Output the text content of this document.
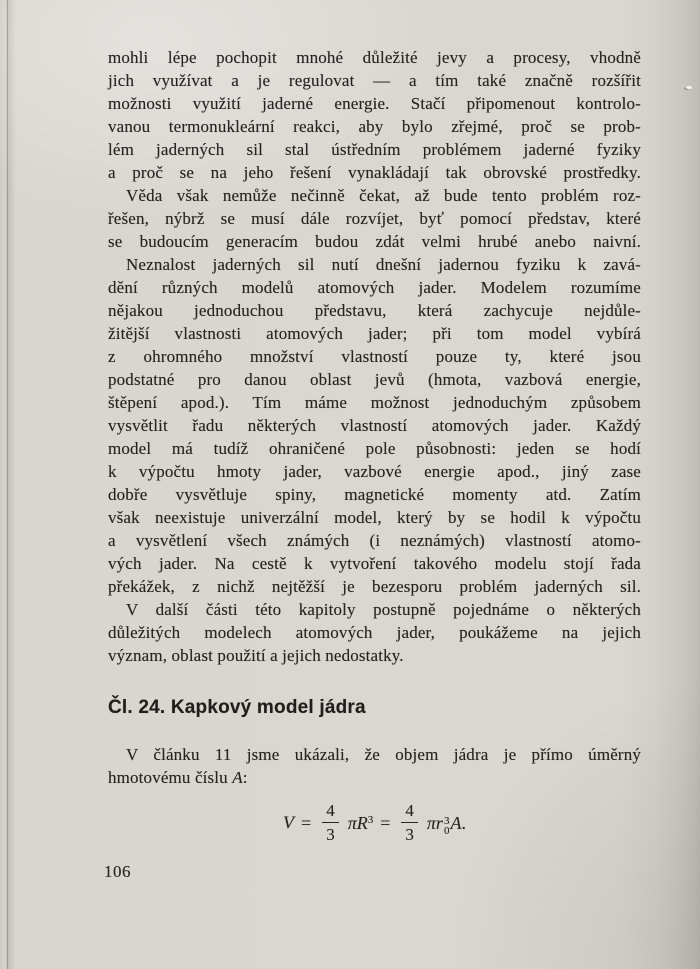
mohli lépe pochopit mnohé důležité jevy a procesy, vhodně
jich využívat a je regulovat — a tím také značně rozšířit
možnosti využití jaderné energie. Stačí připomenout kontrolo-
vanou termonukleární reakci, aby bylo zřejmé, proč se prob-
lém jaderných sil stal ústředním problémem jaderné fyziky
a proč se na jeho řešení vynakládají tak obrovské prostředky.
Věda však nemůže nečinně čekat, až bude tento problém roz-
řešen, nýbrž se musí dále rozvíjet, byť pomocí představ, které
se budoucím generacím budou zdát velmi hrubé anebo naivní.
Neznalost jaderných sil nutí dnešní jadernou fyziku k zavá-
dění různých modelů atomových jader. Modelem rozumíme
nějakou jednoduchou představu, která zachycuje nejdůle-
žitější vlastnosti atomových jader; při tom model vybírá
z ohromného množství vlastností pouze ty, které jsou
podstatné pro danou oblast jevů (hmota, vazbová energie,
štěpení apod.). Tím máme možnost jednoduchým způsobem
vysvětlit řadu některých vlastností atomových jader. Každý
model má tudíž ohraničené pole působnosti: jeden se hodí
k výpočtu hmoty jader, vazbové energie apod., jiný zase
dobře vysvětluje spiny, magnetické momenty atd. Zatím
však neexistuje univerzální model, který by se hodil k výpočtu
a vysvětlení všech známých (i neznámých) vlastností atomo-
vých jader. Na cestě k vytvoření takového modelu stojí řada
překážek, z nichž nejtěžší je bezesporu problém jaderných sil.
V další části této kapitoly postupně pojednáme o některých
důležitých modelech atomových jader, poukážeme na jejich
význam, oblast použití a jejich nedostatky.
Čl. 24. Kapkový model jádra
V článku 11 jsme ukázali, že objem jádra je přímo úměrný
hmotovému číslu A:
$V = \frac{4}{3} \pi R^3 = \frac{4}{3}$ πr 3
0 A.
106
